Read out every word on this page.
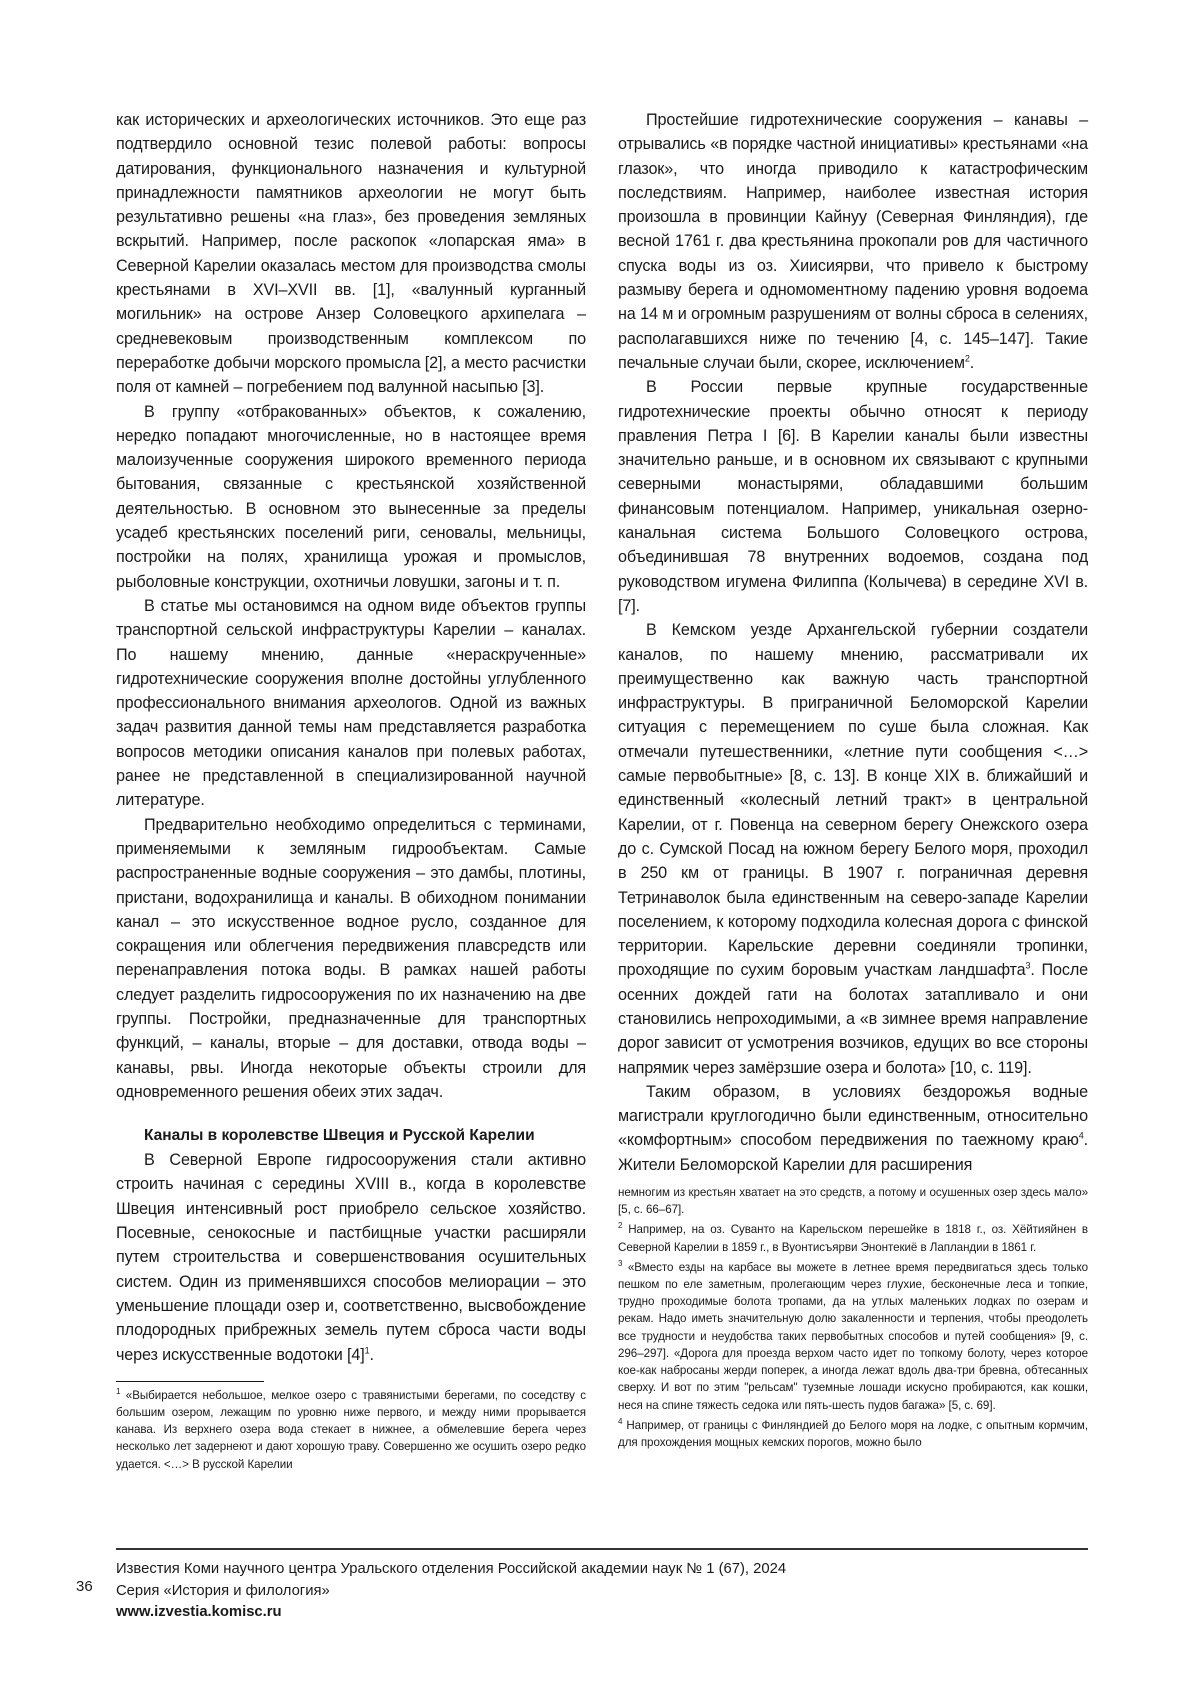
как исторических и археологических источников. Это еще раз подтвердило основной тезис полевой работы: вопросы датирования, функционального назначения и культурной принадлежности памятников археологии не могут быть результативно решены «на глаз», без проведения земляных вскрытий. Например, после раскопок «лопарская яма» в Северной Карелии оказалась местом для производства смолы крестьянами в XVI–XVII вв. [1], «валунный курганный могильник» на острове Анзер Соловецкого архипелага – средневековым производственным комплексом по переработке добычи морского промысла [2], а место расчистки поля от камней – погребением под валунной насыпью [3].

В группу «отбракованных» объектов, к сожалению, нередко попадают многочисленные, но в настоящее время малоизученные сооружения широкого временного периода бытования, связанные с крестьянской хозяйственной деятельностью. В основном это вынесенные за пределы усадеб крестьянских поселений риги, сеновалы, мельницы, постройки на полях, хранилища урожая и промыслов, рыболовные конструкции, охотничьи ловушки, загоны и т. п.

В статье мы остановимся на одном виде объектов группы транспортной сельской инфраструктуры Карелии – каналах. По нашему мнению, данные «нераскрученные» гидротехнические сооружения вполне достойны углубленного профессионального внимания археологов. Одной из важных задач развития данной темы нам представляется разработка вопросов методики описания каналов при полевых работах, ранее не представленной в специализированной научной литературе.

Предварительно необходимо определиться с терминами, применяемыми к земляным гидрообъектам. Самые распространенные водные сооружения – это дамбы, плотины, пристани, водохранилища и каналы. В обиходном понимании канал – это искусственное водное русло, созданное для сокращения или облегчения передвижения плавсредств или перенаправления потока воды. В рамках нашей работы следует разделить гидросооружения по их назначению на две группы. Постройки, предназначенные для транспортных функций, – каналы, вторые – для доставки, отвода воды – канавы, рвы. Иногда некоторые объекты строили для одновременного решения обеих этих задач.

Каналы в королевстве Швеция и Русской Карелии

В Северной Европе гидросооружения стали активно строить начиная с середины XVIII в., когда в королевстве Швеция интенсивный рост приобрело сельское хозяйство. Посевные, сенокосные и пастбищные участки расширяли путем строительства и совершенствования осушительных систем. Один из применявшихся способов мелиорации – это уменьшение площади озер и, соответственно, высвобождение плодородных прибрежных земель путем сброса части воды через искусственные водотоки $[4]^1$.

$^1$ «Выбирается небольшое, мелкое озеро с травянистыми берегами, по соседству с большим озером, лежащим по уровню ниже первого, и между ними прорывается канава. Из верхнего озера вода стекает в нижнее, а обмелевшие берега через несколько лет задернеют и дают хорошую траву. Совершенно же осушить озеро редко удается. <…> В русской Карелии

Простейшие гидротехнические сооружения – канавы – отрывались «в порядке частной инициативы» крестьянами «на глазок», что иногда приводило к катастрофическим последствиям. Например, наиболее известная история произошла в провинции Кайнуу (Северная Финляндия), где весной 1761 г. два крестьянина прокопали ров для частичного спуска воды из оз. Хиисиярви, что привело к быстрому размыву берега и одномоментному падению уровня водоема на 14 м и огромным разрушениям от волны сброса в селениях, располагавшихся ниже по течению [4, с. 145–147]. Такие печальные случаи были, скорее, исключением$^2$.

В России первые крупные государственные гидротехнические проекты обычно относят к периоду правления Петра I [6]. В Карелии каналы были известны значительно раньше, и в основном их связывают с крупными северными монастырями, обладавшими большим финансовым потенциалом. Например, уникальная озерно-канальная система Большого Соловецкого острова, объединившая 78 внутренних водоемов, создана под руководством игумена Филиппа (Колычева) в середине XVI в. [7].

В Кемском уезде Архангельской губернии создатели каналов, по нашему мнению, рассматривали их преимущественно как важную часть транспортной инфраструктуры. В приграничной Беломорской Карелии ситуация с перемещением по суше была сложная. Как отмечали путешественники, «летние пути сообщения <…> самые первобытные» [8, с. 13]. В конце XIX в. ближайший и единственный «колесный летний тракт» в центральной Карелии, от г. Повенца на северном берегу Онежского озера до с. Сумской Посад на южном берегу Белого моря, проходил в 250 км от границы. В 1907 г. пограничная деревня Тетринаволок была единственным на северо-западе Карелии поселением, к которому подходила колесная дорога с финской территории. Карельские деревни соединяли тропинки, проходящие по сухим боровым участкам ландшафта$^3$. После осенних дождей гати на болотах затапливало и они становились непроходимыми, а «в зимнее время направление дорог зависит от усмотрения возчиков, едущих во все стороны напрямик через замёрзшие озера и болота» [10, с. 119].

Таким образом, в условиях бездорожья водные магистрали круглогодично были единственным, относительно «комфортным» способом передвижения по таежному краю$^4$. Жители Беломорской Карелии для расширения

немногим из крестьян хватает на это средств, а потому и осушенных озер здесь мало» [5, с. 66–67].

$^2$ Например, на оз. Суванто на Карельском перешейке в 1818 г., оз. Хёйтияйнен в Северной Карелии в 1859 г., в Вуонтисъярви Энонтекиё в Лапландии в 1861 г.

$^3$ «Вместо езды на карбасе вы можете в летнее время передвигаться здесь только пешком по еле заметным, пролегающим через глухие, бесконечные леса и топкие, трудно проходимые болота тропами, да на утлых маленьких лодках по озерам и рекам. Надо иметь значительную долю закаленности и терпения, чтобы преодолеть все трудности и неудобства таких первобытных способов и путей сообщения» [9, с. 296–297]. «Дорога для проезда верхом часто идет по топкому болоту, через которое кое-как набросаны жерди поперек, а иногда лежат вдоль два-три бревна, обтесанных сверху. И вот по этим "рельсам" туземные лошади искусно пробираются, как кошки, неся на спине тяжесть седока или пять-шесть пудов багажа» [5, с. 69].

$^4$ Например, от границы с Финляндией до Белого моря на лодке, с опытным кормчим, для прохождения мощных кемских порогов, можно было

36
Известия Коми научного центра Уральского отделения Российской академии наук № 1 (67), 2024
Серия «История и филология»
www.izvestia.komisc.ru
